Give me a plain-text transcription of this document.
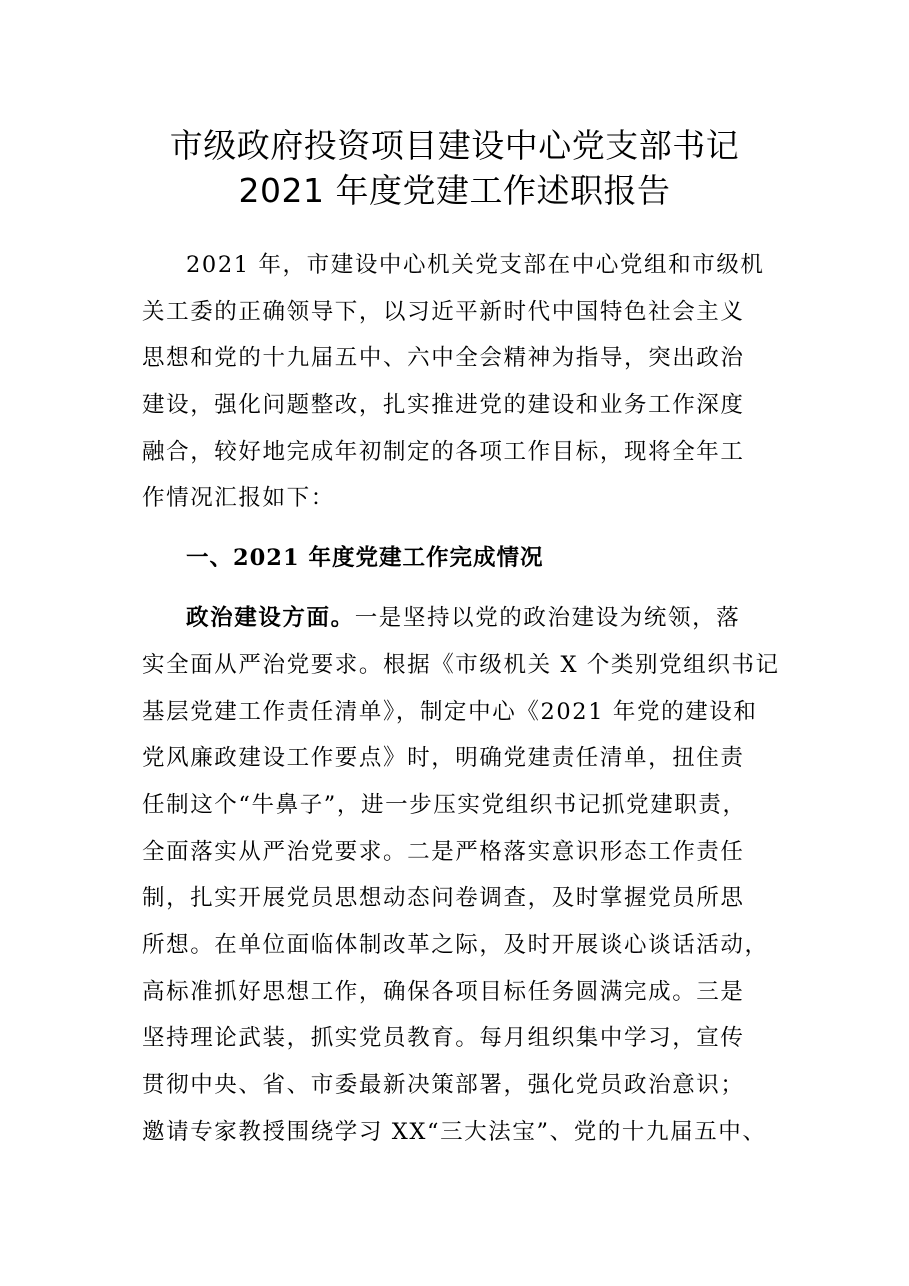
市级政府投资项目建设中心党支部书记
2021 年度党建工作述职报告
2021 年，市建设中心机关党支部在中心党组和市级机
关工委的正确领导下，以习近平新时代中国特色社会主义
思想和党的十九届五中、六中全会精神为指导，突出政治
建设，强化问题整改，扎实推进党的建设和业务工作深度
融合，较好地完成年初制定的各项工作目标，现将全年工
作情况汇报如下：
一、2021 年度党建工作完成情况
政治建设方面。一是坚持以党的政治建设为统领，落
实全面从严治党要求。根据《市级机关 X 个类别党组织书记
基层党建工作责任清单》，制定中心《2021 年党的建设和
党风廉政建设工作要点》时，明确党建责任清单，扭住责
任制这个“牛鼻子”，进一步压实党组织书记抓党建职责，
全面落实从严治党要求。二是严格落实意识形态工作责任
制，扎实开展党员思想动态问卷调查，及时掌握党员所思
所想。在单位面临体制改革之际，及时开展谈心谈话活动，
高标准抓好思想工作，确保各项目标任务圆满完成。三是
坚持理论武装，抓实党员教育。每月组织集中学习，宣传
贯彻中央、省、市委最新决策部署，强化党员政治意识；
邀请专家教授围绕学习 XX“三大法宝”、党的十九届五中、
